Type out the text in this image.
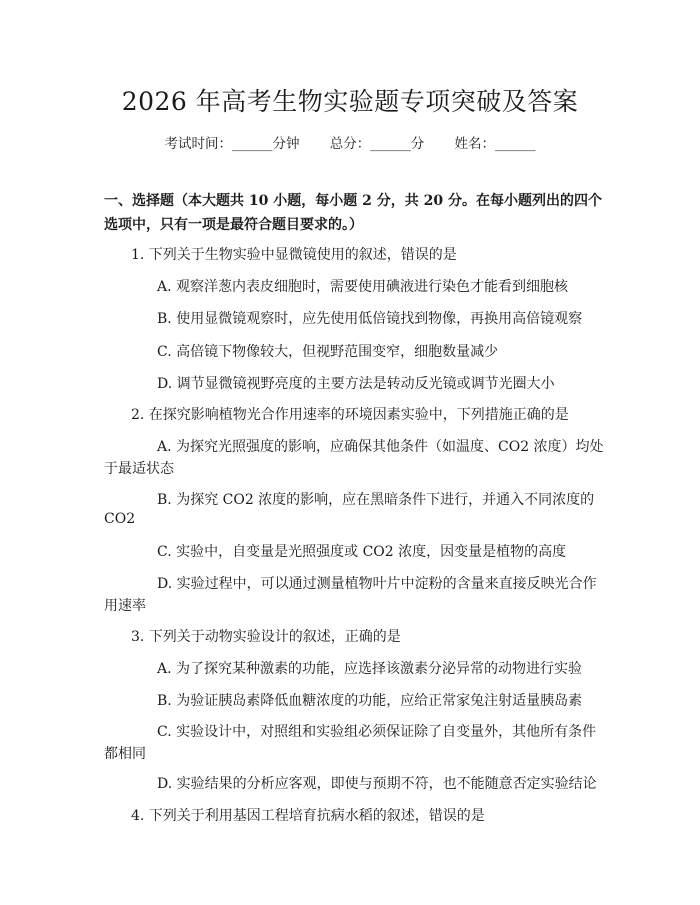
2026 年高考生物实验题专项突破及答案
考试时间：______分钟 总分：______分 姓名：______
一、选择题（本大题共 10 小题，每小题 2 分，共 20 分。在每小题列出的四个选项中，只有一项是最符合题目要求的。）
1. 下列关于生物实验中显微镜使用的叙述，错误的是
A. 观察洋葱内表皮细胞时，需要使用碘液进行染色才能看到细胞核
B. 使用显微镜观察时，应先使用低倍镜找到物像，再换用高倍镜观察
C. 高倍镜下物像较大，但视野范围变窄，细胞数量减少
D. 调节显微镜视野亮度的主要方法是转动反光镜或调节光圈大小
2. 在探究影响植物光合作用速率的环境因素实验中，下列措施正确的是
A. 为探究光照强度的影响，应确保其他条件（如温度、CO2 浓度）均处
于最适状态
B. 为探究 CO2 浓度的影响，应在黑暗条件下进行，并通入不同浓度的
CO2
C. 实验中，自变量是光照强度或 CO2 浓度，因变量是植物的高度
D. 实验过程中，可以通过测量植物叶片中淀粉的含量来直接反映光合作
用速率
3. 下列关于动物实验设计的叙述，正确的是
A. 为了探究某种激素的功能，应选择该激素分泌异常的动物进行实验
B. 为验证胰岛素降低血糖浓度的功能，应给正常家兔注射适量胰岛素
C. 实验设计中，对照组和实验组必须保证除了自变量外，其他所有条件
都相同
D. 实验结果的分析应客观，即使与预期不符，也不能随意否定实验结论
4. 下列关于利用基因工程培育抗病水稻的叙述，错误的是
